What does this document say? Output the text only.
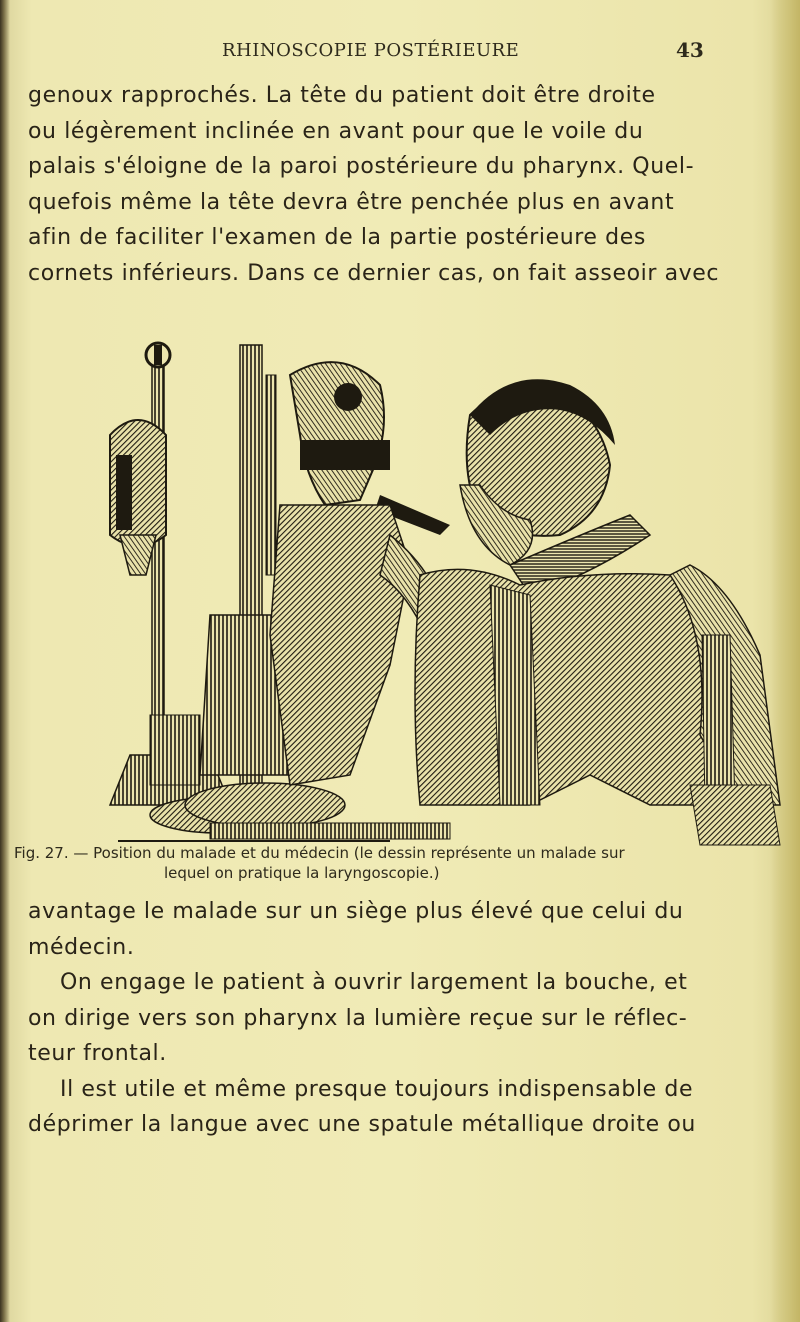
RHINOSCOPIE POSTÉRIEURE	43
genoux rapprochés. La tête du patient doit être droite
ou légèrement inclinée en avant pour que le voile du
palais s'éloigne de la paroi postérieure du pharynx. Quel-
quefois même la tête devra être penchée plus en avant
afin de faciliter l'examen de la partie postérieure des
cornets inférieurs. Dans ce dernier cas, on fait asseoir avec
Fig. 27. — Position du malade et du médecin (le dessin représente un malade sur
lequel on pratique la laryngoscopie.)
avantage le malade sur un siège plus élevé que celui du
médecin.
On engage le patient à ouvrir largement la bouche, et
on dirige vers son pharynx la lumière reçue sur le réflec-
teur frontal.
Il est utile et même presque toujours indispensable de
déprimer la langue avec une spatule métallique droite ou
